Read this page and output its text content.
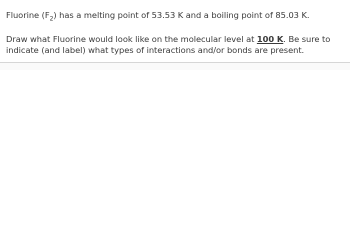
Fluorine $(F_2)$ has a melting point of 53.53 K and a boiling point of 85.03 K.
Draw what Fluorine would look like on the molecular level at 100 K. Be sure to
indicate (and label) what types of interactions and/or bonds are present.
